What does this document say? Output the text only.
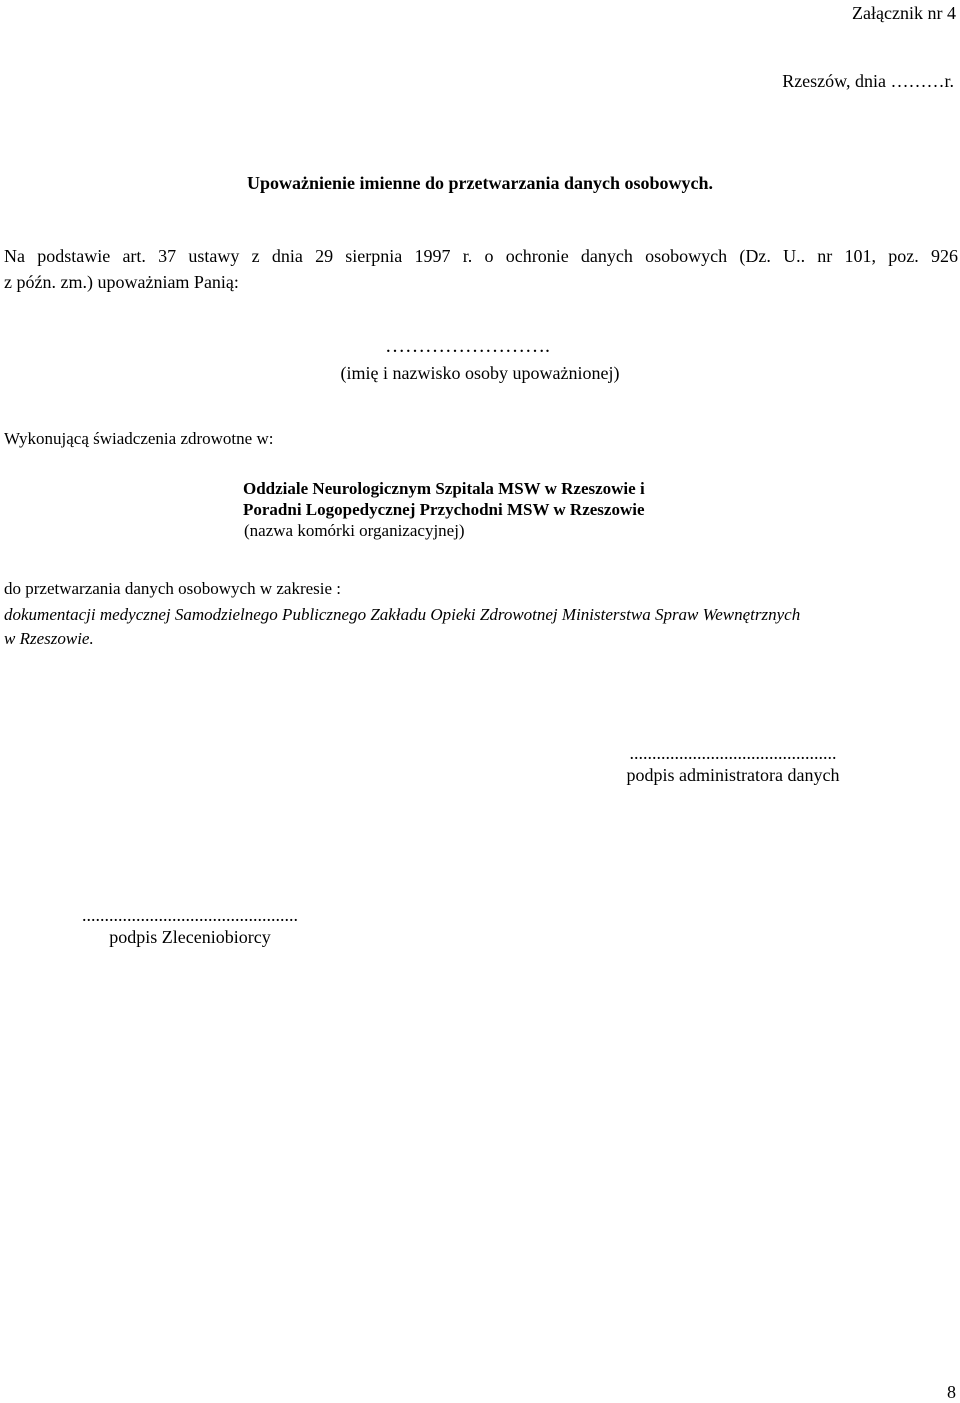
Załącznik nr 4
Rzeszów, dnia ………r.
Upoważnienie imienne do przetwarzania danych osobowych.
Na podstawie art. 37 ustawy z dnia 29 sierpnia 1997 r. o ochronie danych osobowych (Dz. U.. nr 101, poz. 926
z późn. zm.) upoważniam Panią:
…………………….
(imię i nazwisko osoby upoważnionej)
Wykonującą świadczenia zdrowotne w:
Oddziale Neurologicznym Szpitala MSW w Rzeszowie i
Poradni Logopedycznej Przychodni MSW w Rzeszowie
(nazwa komórki organizacyjnej)
do przetwarzania danych osobowych w zakresie :
dokumentacji medycznej Samodzielnego Publicznego Zakładu Opieki Zdrowotnej Ministerstwa Spraw Wewnętrznych
w Rzeszowie.
..............................................
podpis administratora danych
................................................
podpis Zleceniobiorcy
8
